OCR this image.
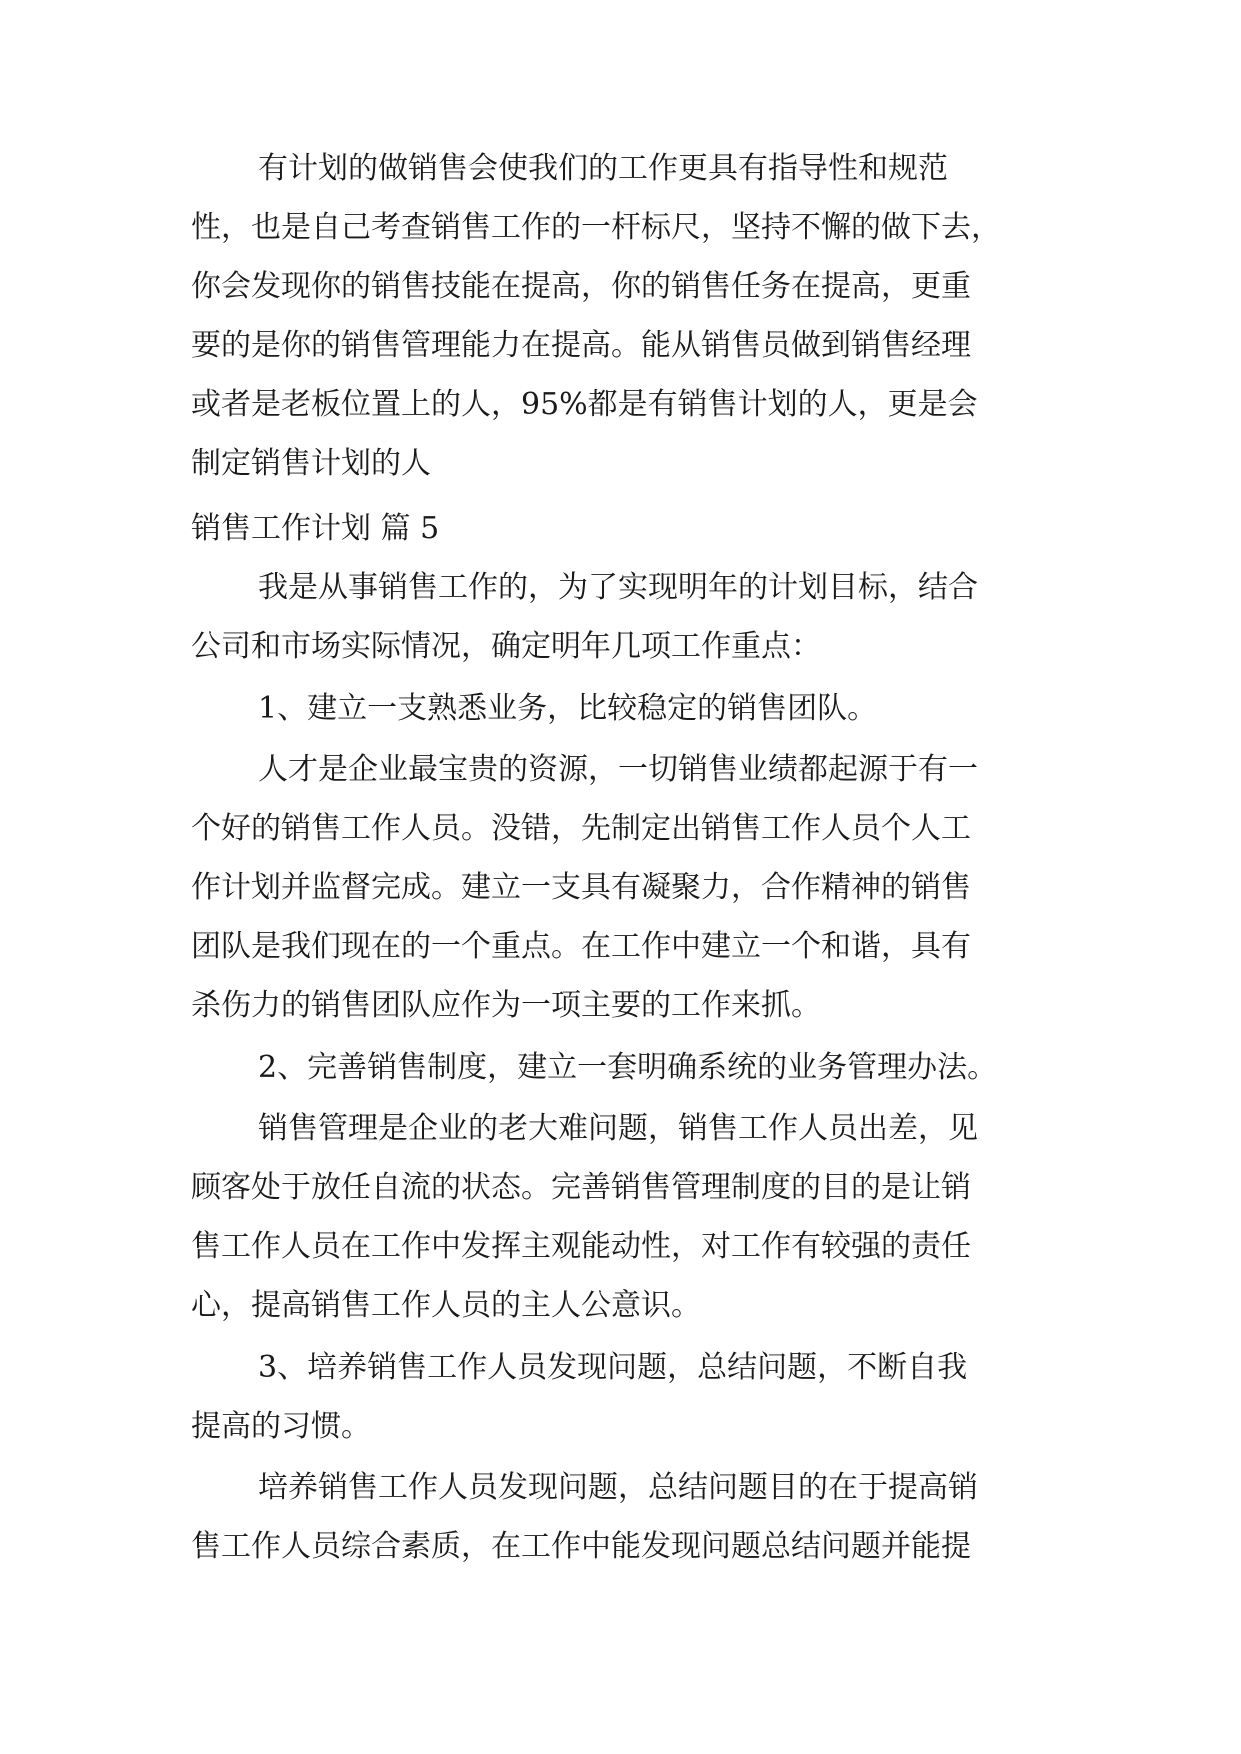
有计划的做销售会使我们的工作更具有指导性和规范
性，也是自己考查销售工作的一杆标尺，坚持不懈的做下去，
你会发现你的销售技能在提高，你的销售任务在提高，更重
要的是你的销售管理能力在提高。能从销售员做到销售经理
或者是老板位置上的人，95%都是有销售计划的人，更是会
制定销售计划的人
销售工作计划 篇 5
我是从事销售工作的，为了实现明年的计划目标，结合
公司和市场实际情况，确定明年几项工作重点：
1、建立一支熟悉业务，比较稳定的销售团队。
人才是企业最宝贵的资源，一切销售业绩都起源于有一
个好的销售工作人员。没错，先制定出销售工作人员个人工
作计划并监督完成。建立一支具有凝聚力，合作精神的销售
团队是我们现在的一个重点。在工作中建立一个和谐，具有
杀伤力的销售团队应作为一项主要的工作来抓。
2、完善销售制度，建立一套明确系统的业务管理办法。
销售管理是企业的老大难问题，销售工作人员出差，见
顾客处于放任自流的状态。完善销售管理制度的目的是让销
售工作人员在工作中发挥主观能动性，对工作有较强的责任
心，提高销售工作人员的主人公意识。
3、培养销售工作人员发现问题，总结问题，不断自我
提高的习惯。
培养销售工作人员发现问题，总结问题目的在于提高销
售工作人员综合素质，在工作中能发现问题总结问题并能提
